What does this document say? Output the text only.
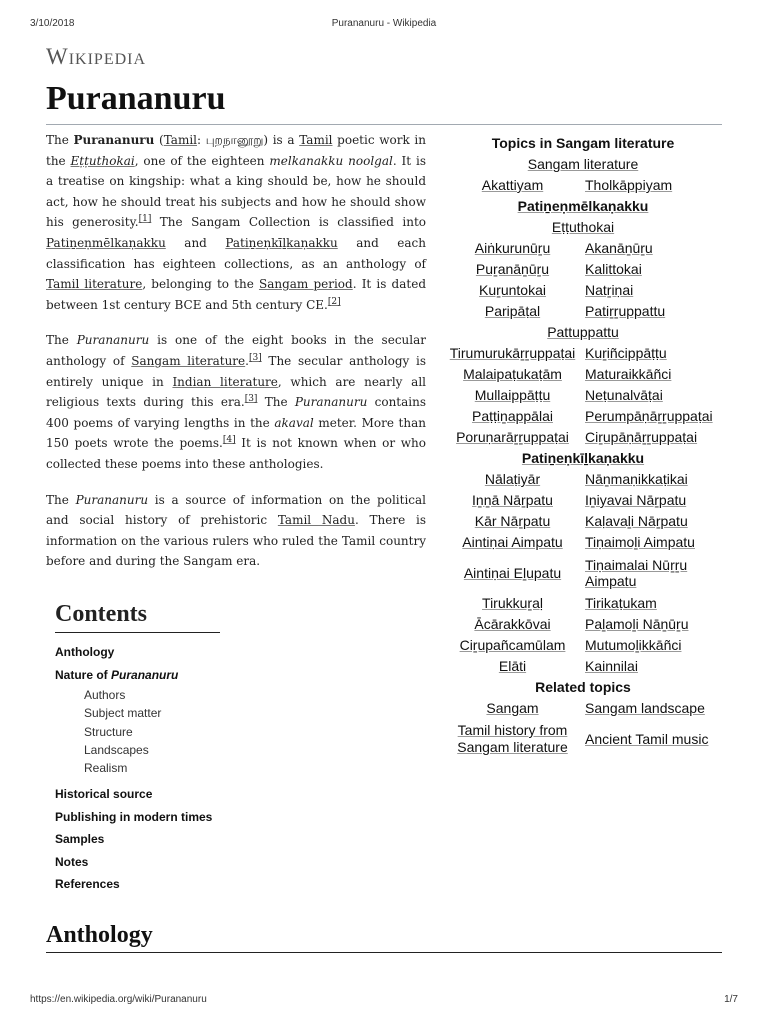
3/10/2018	Purananuru - Wikipedia
Wikipedia
Purananuru

The Purananuru (Tamil: புறநானூறு) is a Tamil poetic work in the Eṭṭuthokai, one of the eighteen melkanakku noolgal. It is a treatise on kingship: what a king should be, how he should act, how he should treat his subjects and how he should show his generosity.[1] The Sangam Collection is classified into Patiṉeṇmēlkaṇakku and Patiṉeṇkīḻkaṇakku and each classification has eighteen collections, as an anthology of Tamil literature, belonging to the Sangam period. It is dated between 1st century BCE and 5th century CE.[2]

The Purananuru is one of the eight books in the secular anthology of Sangam literature.[3] The secular anthology is entirely unique in Indian literature, which are nearly all religious texts during this era.[3] The Purananuru contains 400 poems of varying lengths in the akaval meter. More than 150 poets wrote the poems.[4] It is not known when or who collected these poems into these anthologies.

The Purananuru is a source of information on the political and social history of prehistoric Tamil Nadu. There is information on the various rulers who ruled the Tamil country before and during the Sangam era.

Topics in Sangam literature
Sangam literature
Akattiyam	Tholkāppiyam
Patiṉeṇmēlkaṇakku
Eṭṭuthokai
Aiṅkurunūṟu	Akanāṉūṟu
Puṟanāṉūṟu	Kalittokai
Kuṟuntokai	Natṟiṇai
Paripāṭal	Patiṟṟuppattu
Pattuppattu
Tirumurukāṟṟuppaṭai Kuṟiñcippāṭṭu
Malaipaṭukaṭām	Maturaikkāñci
Mullaippāṭṭu	Neṭunalvāṭai
Paṭṭiṉappālai	Perumpāṇāṟṟuppaṭai
Poruṇarāṟṟuppaṭai	Ciṟupāṇāṟṟuppaṭai
Patiṉeṇkīḻkaṇakku
Nālaṭiyār	Nāṉmaṇikkaṭikai
Iṉṉā Nāṟpatu	Iṉiyavai Nāṟpatu
Kār Nāṟpatu	Kaḷavaḻi Nāṟpatu
Aintiṇai Aimpatu	Tiṇaimoḻi Aimpatu
Aintiṇai Eḻupatu	Tiṇaimalai Nūṟṟu Aimpatu
Tirukkuṟaḷ	Tirikaṭukam
Ācārakkōvai	Paḻamoḻi Nāṉūṟu
Ciṟupañcamūlam	Mutumoḻikkāñci
Elāti	Kainnilai
Related topics
Sangam	Sangam landscape
Tamil history from Sangam literature	Ancient Tamil music
Contents
Anthology
Nature of Purananuru
Authors
Subject matter
Structure
Landscapes
Realism
Historical source
Publishing in modern times
Samples
Notes
References
Anthology
https://en.wikipedia.org/wiki/Purananuru	1/7
